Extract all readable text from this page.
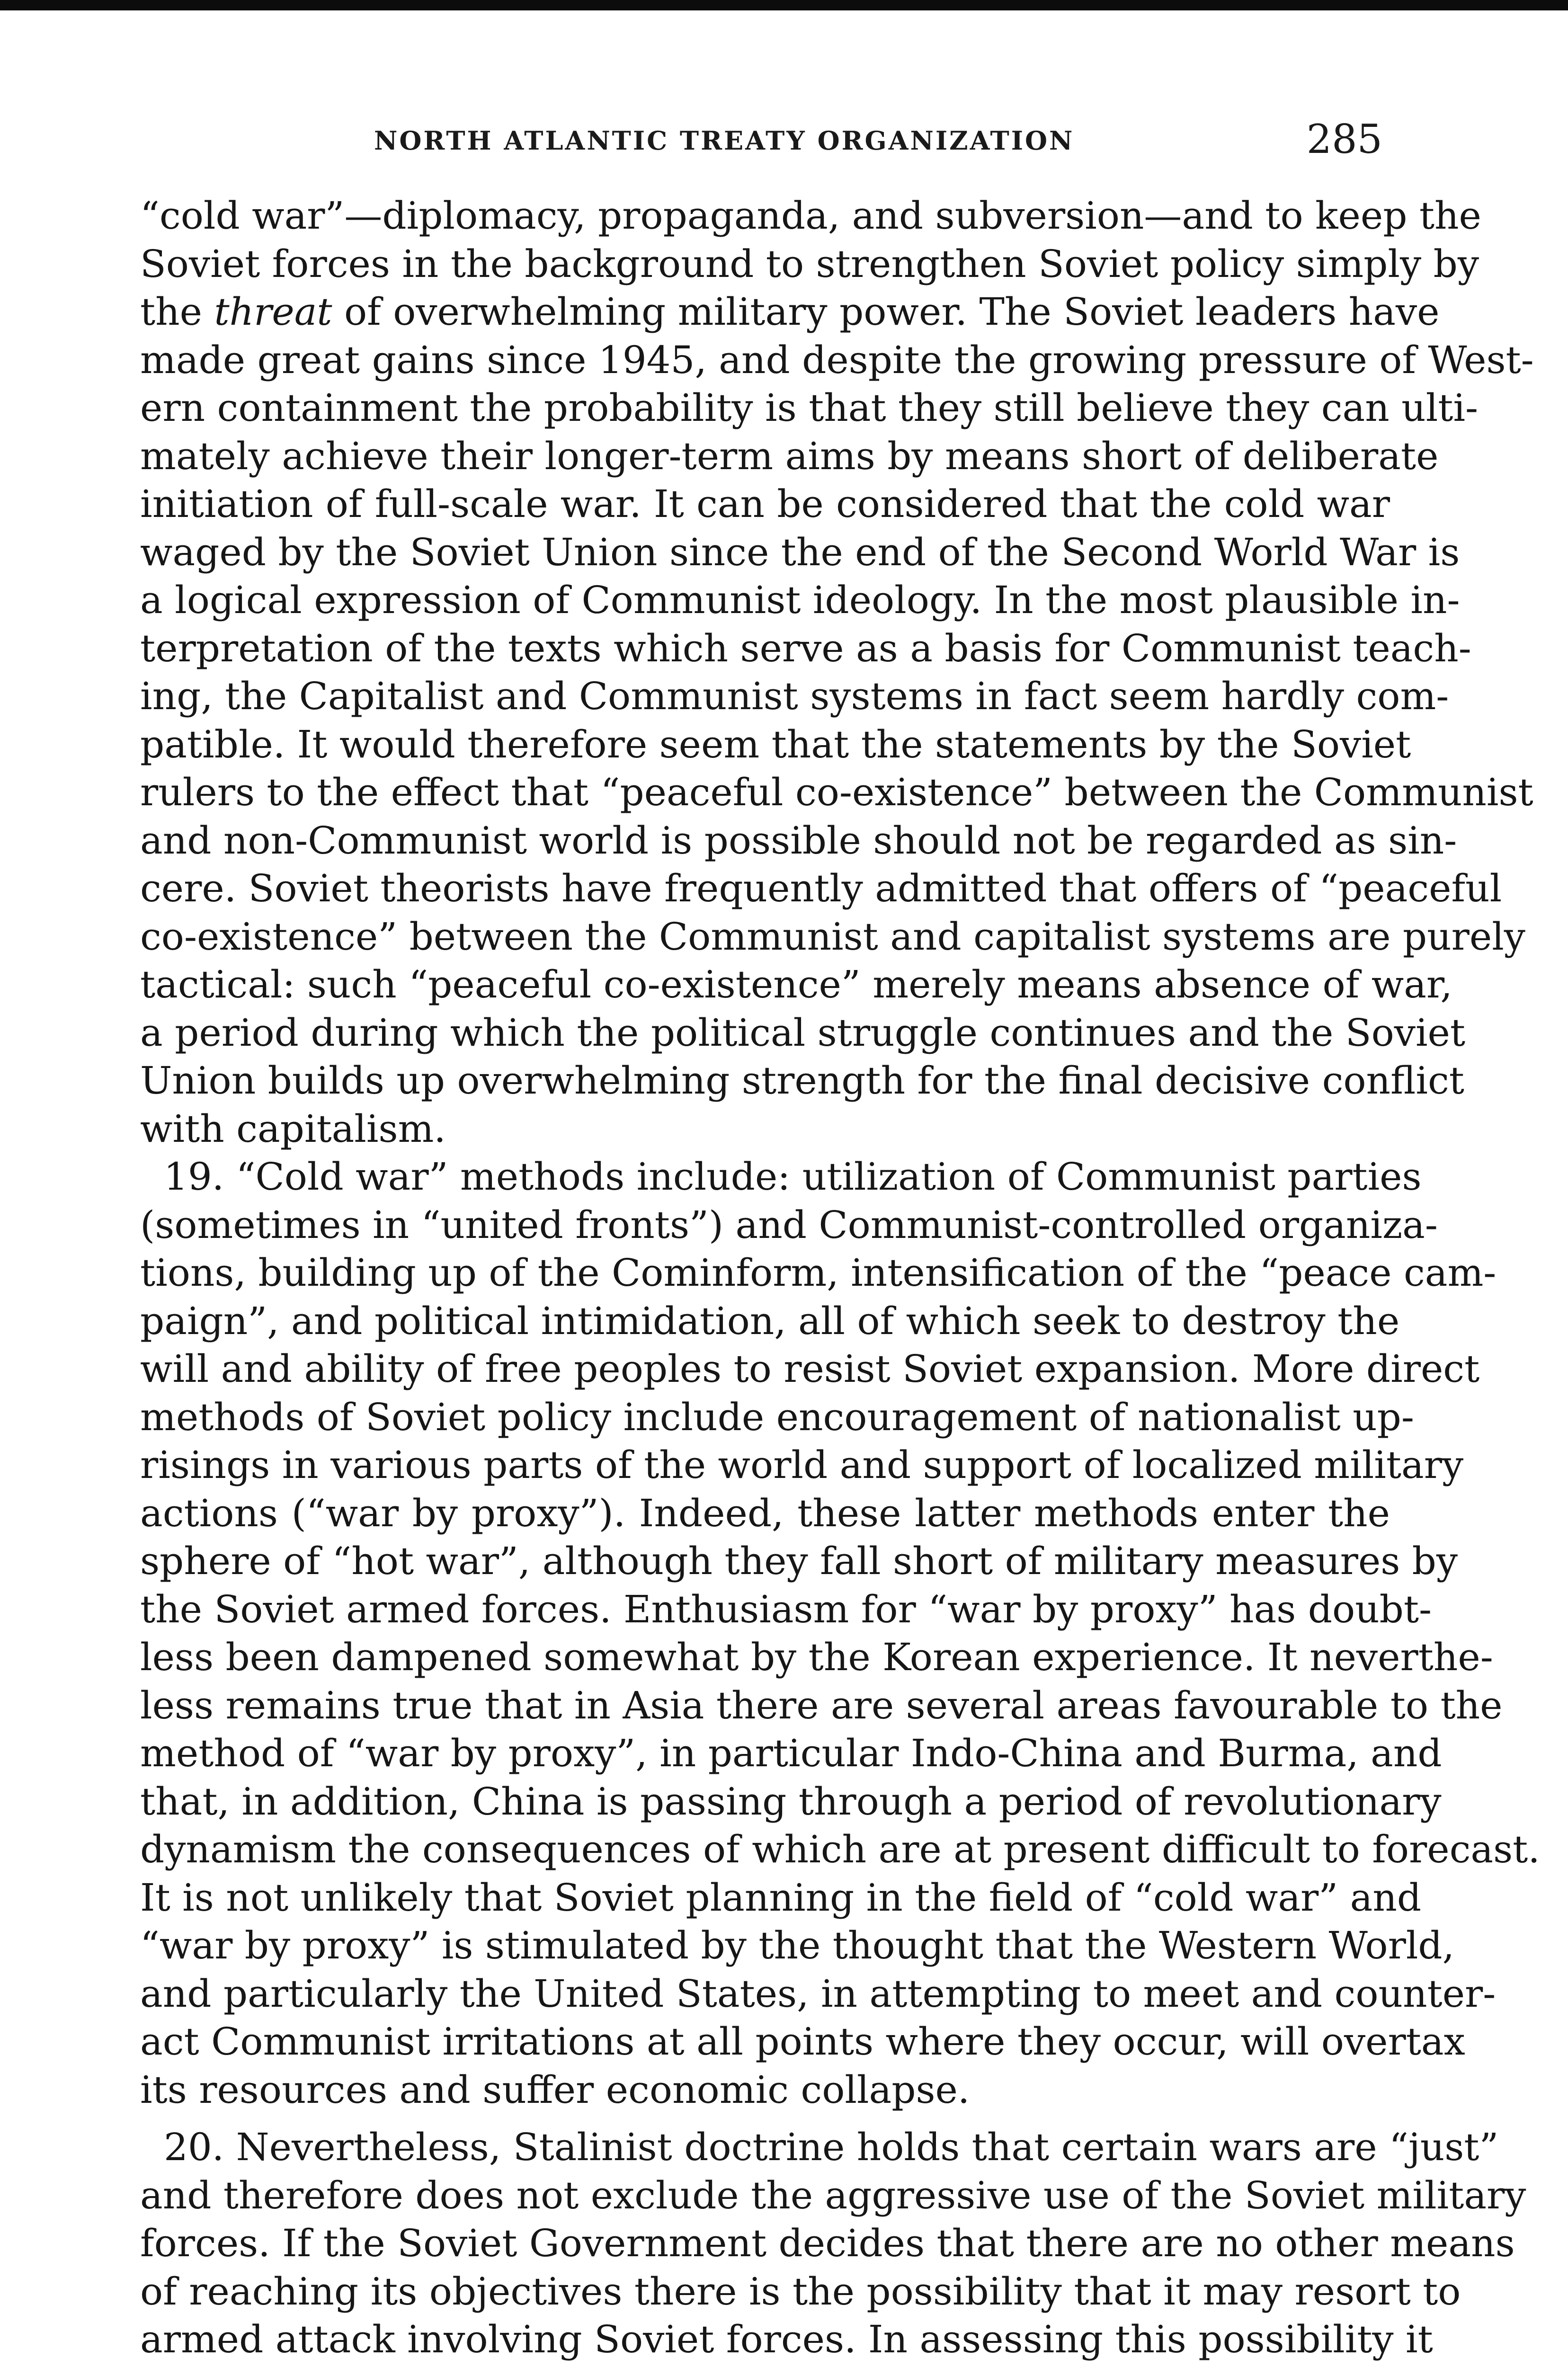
NORTH ATLANTIC TREATY ORGANIZATION	285
“cold war”—diplomacy, propaganda, and subversion—and to keep the
Soviet forces in the background to strengthen Soviet policy simply by
the threat of overwhelming military power. The Soviet leaders have
made great gains since 1945, and despite the growing pressure of West-
ern containment the probability is that they still believe they can ulti-
mately achieve their longer-term aims by means short of deliberate
initiation of full-scale war. It can be considered that the cold war
waged by the Soviet Union since the end of the Second World War is
a logical expression of Communist ideology. In the most plausible in-
terpretation of the texts which serve as a basis for Communist teach-
ing, the Capitalist and Communist systems in fact seem hardly com-
patible. It would therefore seem that the statements by the Soviet
rulers to the effect that “peaceful co-existence” between the Communist
and non-Communist world is possible should not be regarded as sin-
cere. Soviet theorists have frequently admitted that offers of “peaceful
co-existence” between the Communist and capitalist systems are purely
tactical: such “peaceful co-existence” merely means absence of war,
a period during which the political struggle continues and the Soviet
Union builds up overwhelming strength for the final decisive conflict
with capitalism.
19. “Cold war” methods include: utilization of Communist parties
(sometimes in “united fronts”) and Communist-controlled organiza-
tions, building up of the Cominform, intensification of the “peace cam-
paign”, and political intimidation, all of which seek to destroy the
will and ability of free peoples to resist Soviet expansion. More direct
methods of Soviet policy include encouragement of nationalist up-
risings in various parts of the world and support of localized military
actions (“war by proxy”). Indeed, these latter methods enter the
sphere of “hot war”, although they fall short of military measures by
the Soviet armed forces. Enthusiasm for “war by proxy” has doubt-
less been dampened somewhat by the Korean experience. It neverthe-
less remains true that in Asia there are several areas favourable to the
method of “war by proxy”, in particular Indo-China and Burma, and
that, in addition, China is passing through a period of revolutionary
dynamism the consequences of which are at present difficult to forecast.
It is not unlikely that Soviet planning in the field of “cold war” and
“war by proxy” is stimulated by the thought that the Western World,
and particularly the United States, in attempting to meet and counter-
act Communist irritations at all points where they occur, will overtax
its resources and suffer economic collapse.
20. Nevertheless, Stalinist doctrine holds that certain wars are “just”
and therefore does not exclude the aggressive use of the Soviet military
forces. If the Soviet Government decides that there are no other means
of reaching its objectives there is the possibility that it may resort to
armed attack involving Soviet forces. In assessing this possibility it
